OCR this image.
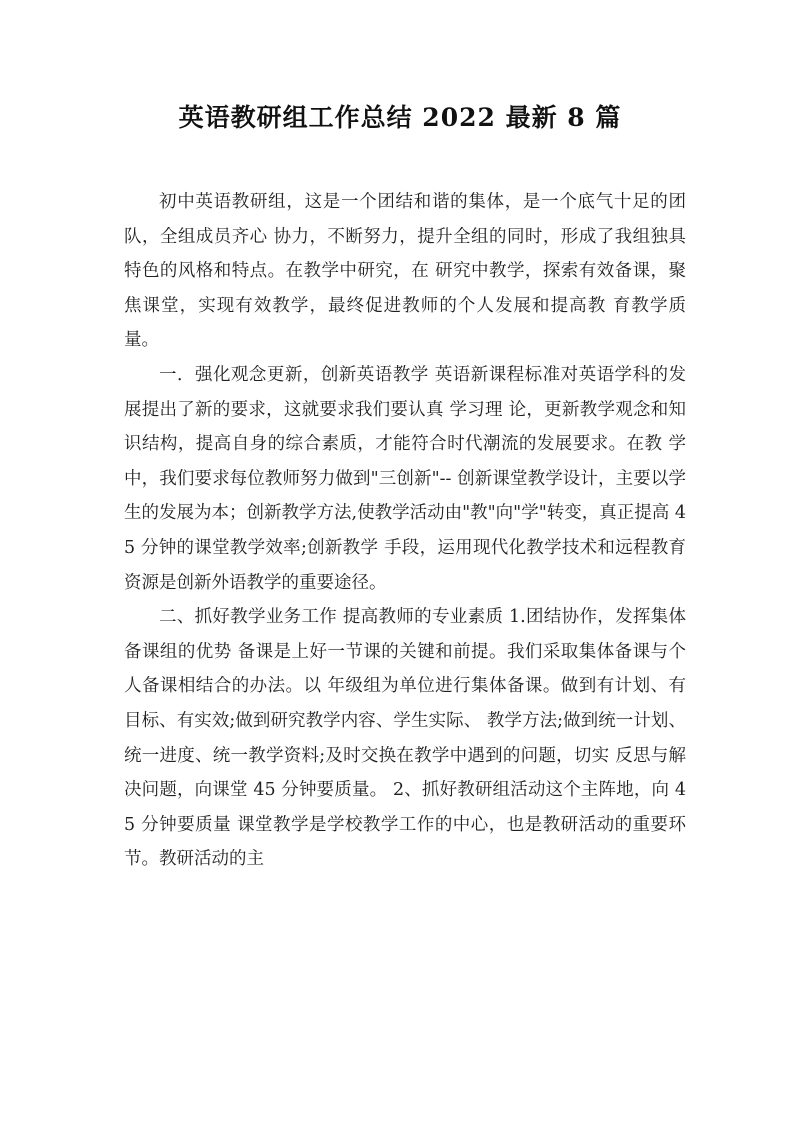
英语教研组工作总结 2022 最新 8 篇

初中英语教研组，这是一个团结和谐的集体，是一个底气十足的团队，全组成员齐心 协力，不断努力，提升全组的同时，形成了我组独具特色的风格和特点。在教学中研究，在 研究中教学，探索有效备课，聚焦课堂，实现有效教学，最终促进教师的个人发展和提高教 育教学质量。

一．强化观念更新，创新英语教学 英语新课程标准对英语学科的发展提出了新的要求，这就要求我们要认真 学习理 论，更新教学观念和知识结构，提高自身的综合素质，才能符合时代潮流的发展要求。在教 学中，我们要求每位教师努力做到"三创新"-- 创新课堂教学设计，主要以学生的发展为本；创新教学方法,使教学活动由"教"向"学"转变，真正提高 45 分钟的课堂教学效率;创新教学 手段，运用现代化教学技术和远程教育资源是创新外语教学的重要途径。

二、抓好教学业务工作 提高教师的专业素质 1.团结协作，发挥集体备课组的优势 备课是上好一节课的关键和前提。我们采取集体备课与个人备课相结合的办法。以 年级组为单位进行集体备课。做到有计划、有目标、有实效;做到研究教学内容、学生实际、 教学方法;做到统一计划、统一进度、统一教学资料;及时交换在教学中遇到的问题，切实 反思与解决问题，向课堂 45 分钟要质量。 2、抓好教研组活动这个主阵地，向 45 分钟要质量 课堂教学是学校教学工作的中心，也是教研活动的重要环节。教研活动的主
